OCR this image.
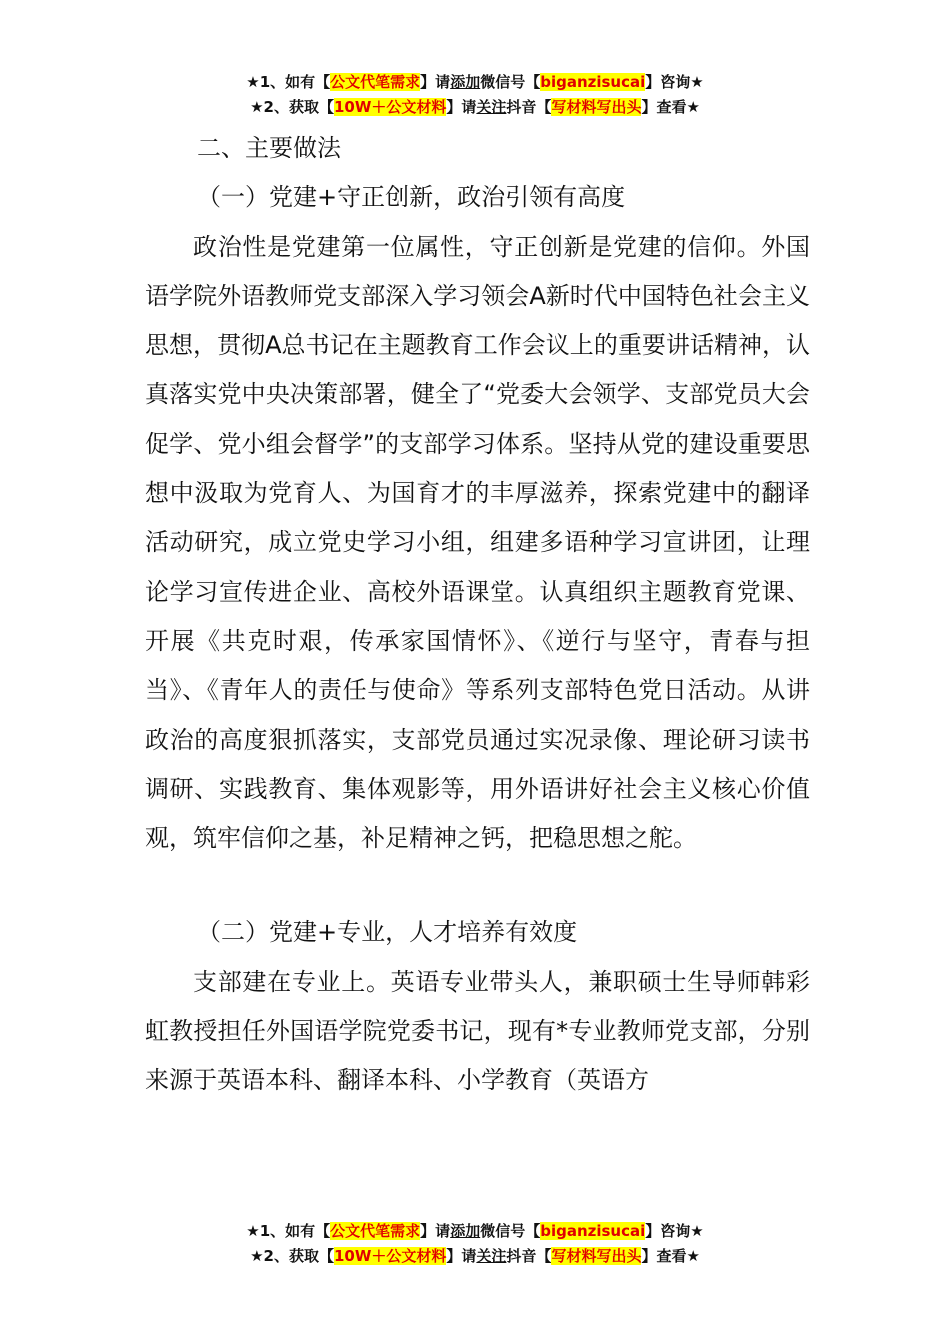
★1、如有【公文代笔需求】请添加微信号【biganzisucai】咨询★
★2、获取【10W＋公文材料】请关注抖音【写材料写出头】查看★

二、主要做法

（一）党建+守正创新，政治引领有高度

政治性是党建第一位属性，守正创新是党建的信仰。外国语学院外语教师党支部深入学习领会A新时代中国特色社会主义思想，贯彻A总书记在主题教育工作会议上的重要讲话精神，认真落实党中央决策部署，健全了“党委大会领学、支部党员大会促学、党小组会督学”的支部学习体系。坚持从党的建设重要思想中汲取为党育人、为国育才的丰厚滋养，探索党建中的翻译活动研究，成立党史学习小组，组建多语种学习宣讲团，让理论学习宣传进企业、高校外语课堂。认真组织主题教育党课、开展《共克时艰，传承家国情怀》、《逆行与坚守，青春与担当》、《青年人的责任与使命》等系列支部特色党日活动。从讲政治的高度狠抓落实，支部党员通过实况录像、理论研习读书调研、实践教育、集体观影等，用外语讲好社会主义核心价值观，筑牢信仰之基，补足精神之钙，把稳思想之舵。

（二）党建+专业，人才培养有效度

支部建在专业上。英语专业带头人，兼职硕士生导师韩彩虹教授担任外国语学院党委书记，现有*专业教师党支部，分别来源于英语本科、翻译本科、小学教育（英语方

★1、如有【公文代笔需求】请添加微信号【biganzisucai】咨询★
★2、获取【10W＋公文材料】请关注抖音【写材料写出头】查看★
